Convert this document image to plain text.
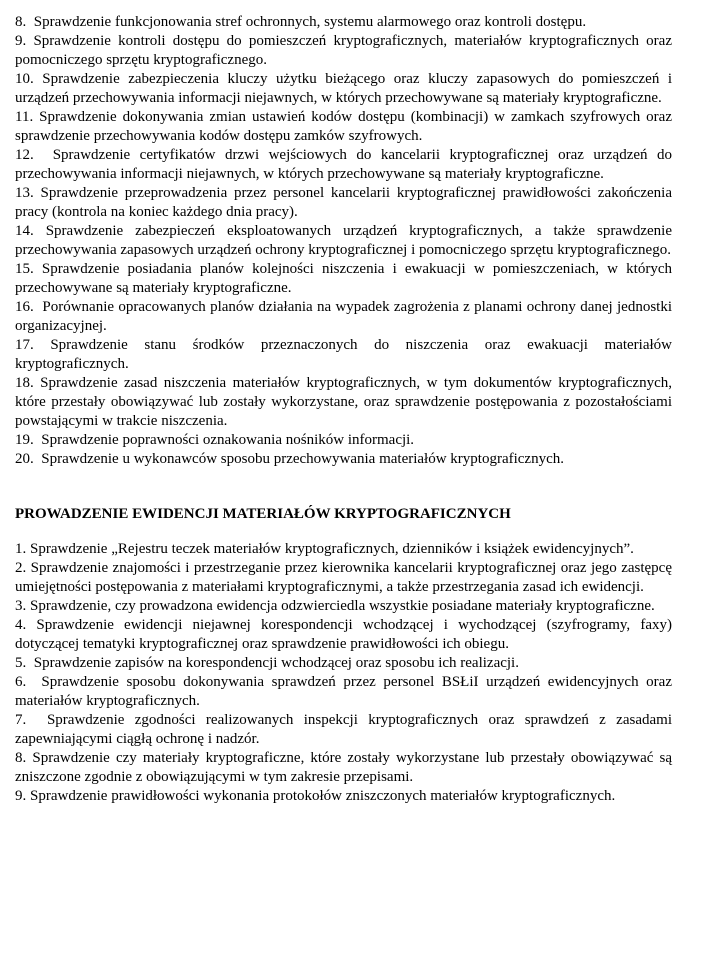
8.  Sprawdzenie funkcjonowania stref ochronnych, systemu alarmowego oraz kontroli dostępu.

9. Sprawdzenie kontroli dostępu do pomieszczeń kryptograficznych, materiałów kryptograficznych oraz pomocniczego sprzętu kryptograficznego.

10. Sprawdzenie zabezpieczenia kluczy użytku bieżącego oraz kluczy zapasowych do pomieszczeń i urządzeń przechowywania informacji niejawnych, w których przechowywane są materiały kryptograficzne.

11. Sprawdzenie dokonywania zmian ustawień kodów dostępu (kombinacji) w zamkach szyfrowych oraz sprawdzenie przechowywania kodów dostępu zamków szyfrowych.

12.  Sprawdzenie certyfikatów drzwi wejściowych do kancelarii kryptograficznej oraz urządzeń do przechowywania informacji niejawnych, w których przechowywane są materiały kryptograficzne.

13. Sprawdzenie przeprowadzenia przez personel kancelarii kryptograficznej prawidłowości zakończenia pracy (kontrola na koniec każdego dnia pracy).

14. Sprawdzenie zabezpieczeń eksploatowanych urządzeń kryptograficznych, a także sprawdzenie przechowywania zapasowych urządzeń ochrony kryptograficznej i pomocniczego sprzętu kryptograficznego.

15. Sprawdzenie posiadania planów kolejności niszczenia i ewakuacji w pomieszczeniach, w których przechowywane są materiały kryptograficzne.

16.  Porównanie opracowanych planów działania na wypadek zagrożenia z planami ochrony danej jednostki organizacyjnej.

17. Sprawdzenie stanu środków przeznaczonych do niszczenia oraz ewakuacji materiałów kryptograficznych.

18. Sprawdzenie zasad niszczenia materiałów kryptograficznych, w tym dokumentów kryptograficznych, które przestały obowiązywać lub zostały wykorzystane, oraz sprawdzenie postępowania z pozostałościami powstającymi w trakcie niszczenia.

19.  Sprawdzenie poprawności oznakowania nośników informacji.

20.  Sprawdzenie u wykonawców sposobu przechowywania materiałów kryptograficznych.

PROWADZENIE EWIDENCJI MATERIAŁÓW KRYPTOGRAFICZNYCH

1. Sprawdzenie „Rejestru teczek materiałów kryptograficznych, dzienników i książek ewidencyjnych”.

2. Sprawdzenie znajomości i przestrzeganie przez kierownika kancelarii kryptograficznej oraz jego zastępcę umiejętności postępowania z materiałami kryptograficznymi, a także przestrzegania zasad ich ewidencji.

3. Sprawdzenie, czy prowadzona ewidencja odzwierciedla wszystkie posiadane materiały kryptograficzne.

4. Sprawdzenie ewidencji niejawnej korespondencji wchodzącej i wychodzącej (szyfrogramy, faxy) dotyczącej tematyki kryptograficznej oraz sprawdzenie prawidłowości ich obiegu.

5.  Sprawdzenie zapisów na korespondencji wchodzącej oraz sposobu ich realizacji.

6.  Sprawdzenie sposobu dokonywania sprawdzeń przez personel BSŁiI urządzeń ewidencyjnych oraz materiałów kryptograficznych.

7.  Sprawdzenie zgodności realizowanych inspekcji kryptograficznych oraz sprawdzeń z zasadami zapewniającymi ciągłą ochronę i nadzór.

8. Sprawdzenie czy materiały kryptograficzne, które zostały wykorzystane lub przestały obowiązywać są zniszczone zgodnie z obowiązującymi w tym zakresie przepisami.

9. Sprawdzenie prawidłowości wykonania protokołów zniszczonych materiałów kryptograficznych.
